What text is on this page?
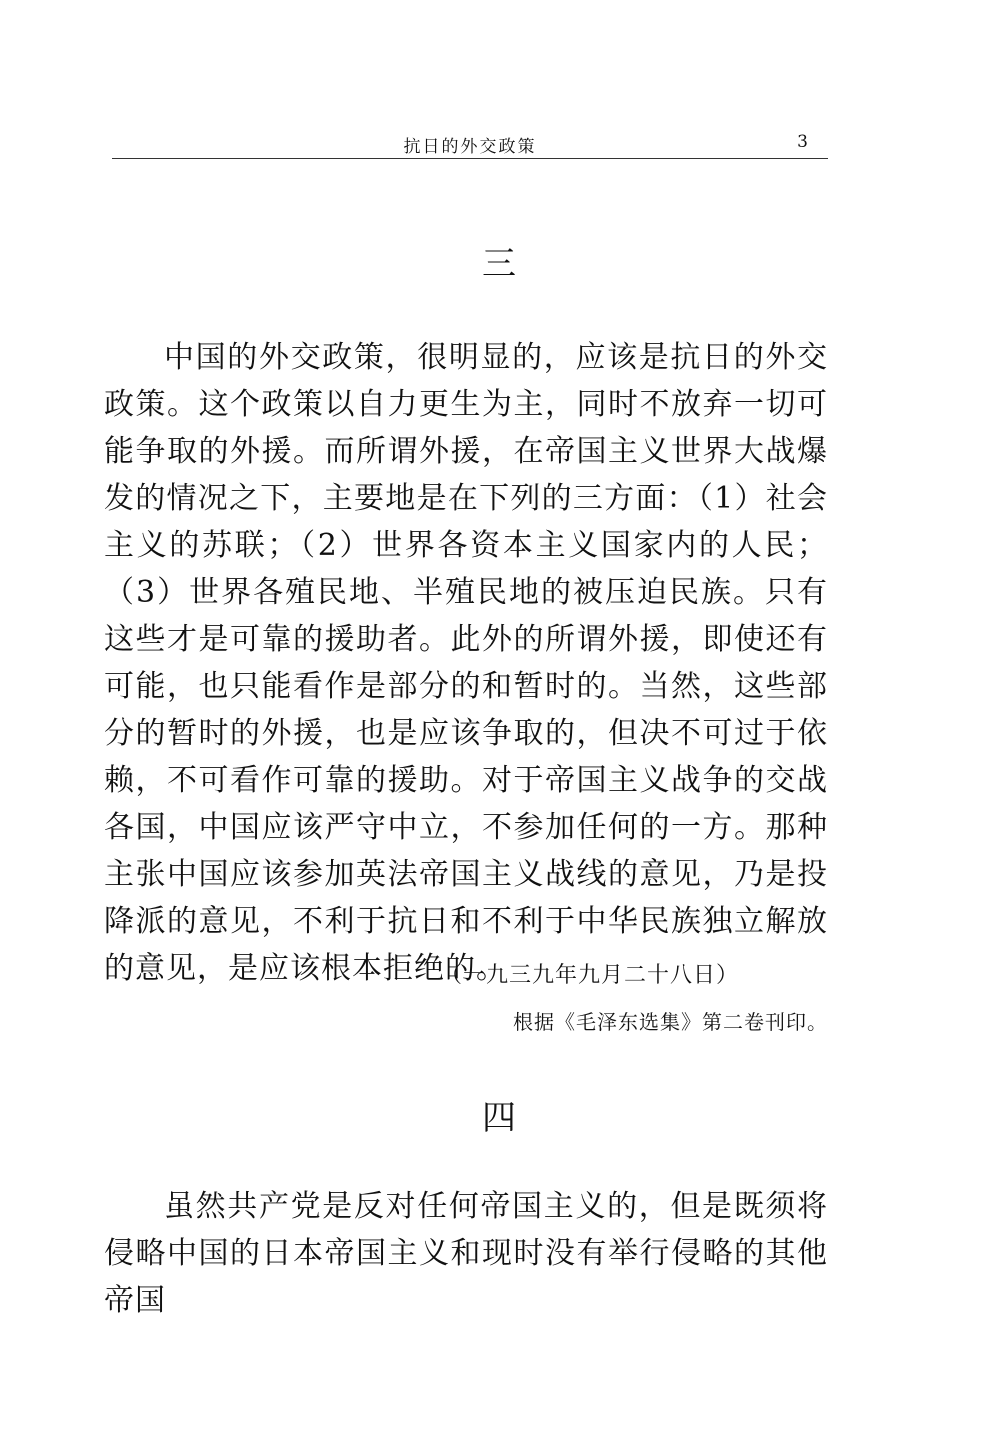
抗日的外交政策	3
三

中国的外交政策，很明显的，应该是抗日的外交政策。这个政策以自力更生为主，同时不放弃一切可能争取的外援。而所谓外援，在帝国主义世界大战爆发的情况之下，主要地是在下列的三方面：（1）社会主义的苏联；（2）世界各资本主义国家内的人民；（3）世界各殖民地、半殖民地的被压迫民族。只有这些才是可靠的援助者。此外的所谓外援，即使还有可能，也只能看作是部分的和暂时的。当然，这些部分的暂时的外援，也是应该争取的，但决不可过于依赖，不可看作可靠的援助。对于帝国主义战争的交战各国，中国应该严守中立，不参加任何的一方。那种主张中国应该参加英法帝国主义战线的意见，乃是投降派的意见，不利于抗日和不利于中华民族独立解放的意见，是应该根本拒绝的。

（一九三九年九月二十八日）
根据《毛泽东选集》第二卷刊印。
四

虽然共产党是反对任何帝国主义的，但是既须将侵略中国的日本帝国主义和现时没有举行侵略的其他帝国
